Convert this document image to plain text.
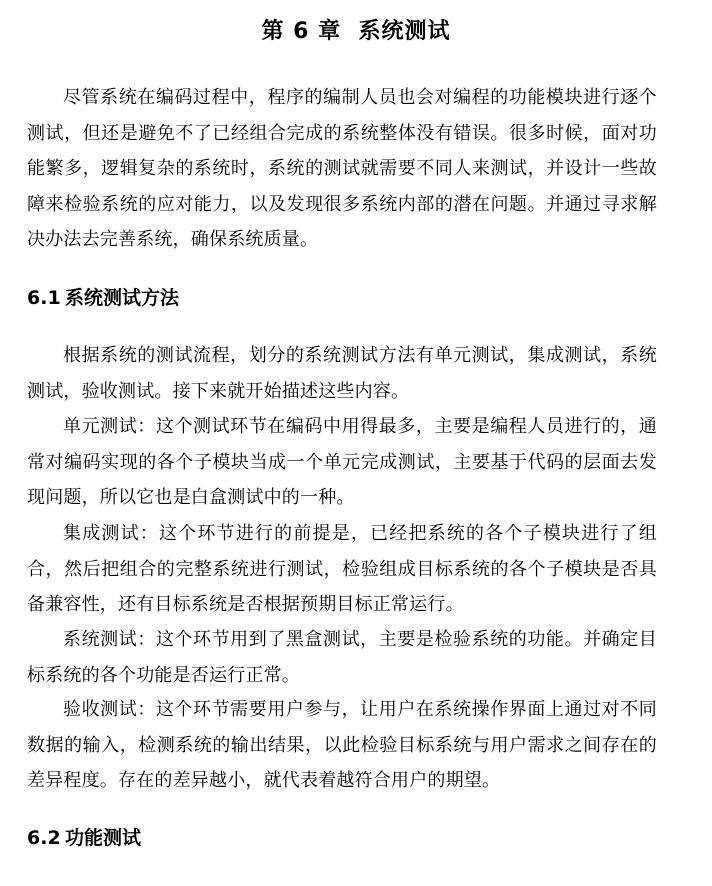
第 6 章  系统测试

尽管系统在编码过程中，程序的编制人员也会对编程的功能模块进行逐个测试，但还是避免不了已经组合完成的系统整体没有错误。很多时候，面对功能繁多，逻辑复杂的系统时，系统的测试就需要不同人来测试，并设计一些故障来检验系统的应对能力，以及发现很多系统内部的潜在问题。并通过寻求解决办法去完善系统，确保系统质量。

6.1 系统测试方法

根据系统的测试流程，划分的系统测试方法有单元测试，集成测试，系统测试，验收测试。接下来就开始描述这些内容。

单元测试：这个测试环节在编码中用得最多，主要是编程人员进行的，通常对编码实现的各个子模块当成一个单元完成测试，主要基于代码的层面去发现问题，所以它也是白盒测试中的一种。

集成测试：这个环节进行的前提是，已经把系统的各个子模块进行了组合，然后把组合的完整系统进行测试，检验组成目标系统的各个子模块是否具备兼容性，还有目标系统是否根据预期目标正常运行。

系统测试：这个环节用到了黑盒测试，主要是检验系统的功能。并确定目标系统的各个功能是否运行正常。

验收测试：这个环节需要用户参与，让用户在系统操作界面上通过对不同数据的输入，检测系统的输出结果，以此检验目标系统与用户需求之间存在的差异程度。存在的差异越小，就代表着越符合用户的期望。

6.2 功能测试
